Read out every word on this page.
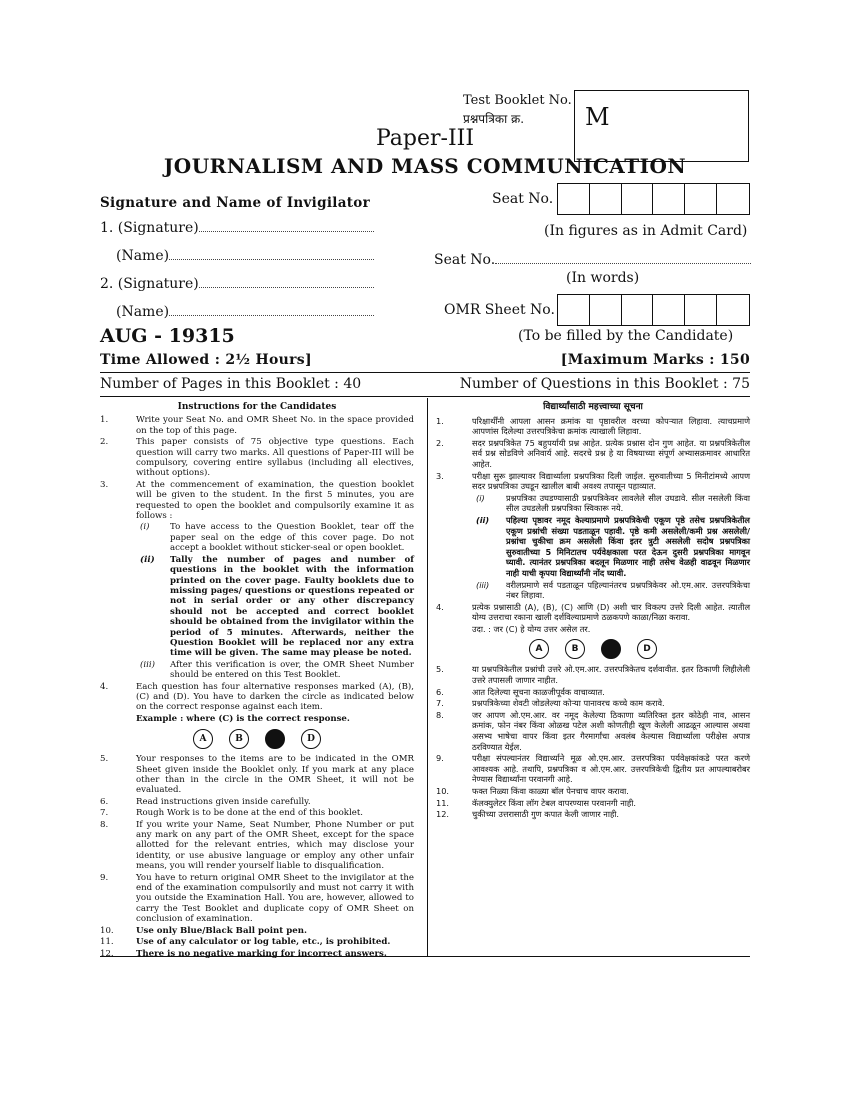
Test Booklet No.
प्रश्नपत्रिका क्र.	M
Paper-III
JOURNALISM AND MASS COMMUNICATION
Signature and Name of Invigilator
1. (Signature)
(Name)
2. (Signature)
(Name)
Seat No.
(In figures as in Admit Card)
Seat No.
(In words)
OMR Sheet No.
(To be filled by the Candidate)
AUG - 19315
Time Allowed : 2½ Hours]	[Maximum Marks : 150
Number of Pages in this Booklet : 40	Number of Questions in this Booklet : 75
Instructions for the Candidates
1.	Write your Seat No. and OMR Sheet No. in the space provided on the top of this page.
2.	This paper consists of 75 objective type questions. Each question will carry two marks. All questions of Paper-III will be compulsory, covering entire syllabus (including all electives, without options).
3.	At the commencement of examination, the question booklet will be given to the student. In the first 5 minutes, you are requested to open the booklet and compulsorily examine it as follows :
(i)	To have access to the Question Booklet, tear off the paper seal on the edge of this cover page. Do not accept a booklet without sticker-seal or open booklet.
(ii)	Tally the number of pages and number of questions in the booklet with the information printed on the cover page. Faulty booklets due to missing pages/ questions or questions repeated or not in serial order or any other discrepancy should not be accepted and correct booklet should be obtained from the invigilator within the period of 5 minutes. Afterwards, neither the Question Booklet will be replaced nor any extra time will be given. The same may please be noted.
(iii)	After this verification is over, the OMR Sheet Number should be entered on this Test Booklet.
4.	Each question has four alternative responses marked (A), (B), (C) and (D). You have to darken the circle as indicated below on the correct response against each item.
Example : where (C) is the correct response.
A	B	D
5.	Your responses to the items are to be indicated in the OMR Sheet given inside the Booklet only. If you mark at any place other than in the circle in the OMR Sheet, it will not be evaluated.
6.	Read instructions given inside carefully.
7.	Rough Work is to be done at the end of this booklet.
8.	If you write your Name, Seat Number, Phone Number or put any mark on any part of the OMR Sheet, except for the space allotted for the relevant entries, which may disclose your identity, or use abusive language or employ any other unfair means, you will render yourself liable to disqualification.
9.	You have to return original OMR Sheet to the invigilator at the end of the examination compulsorily and must not carry it with you outside the Examination Hall. You are, however, allowed to carry the Test Booklet and duplicate copy of OMR Sheet on conclusion of examination.
10.	Use only Blue/Black Ball point pen.
11.	Use of any calculator or log table, etc., is prohibited.
12.	There is no negative marking for incorrect answers.
विद्यार्थ्यांसाठी महत्त्वाच्या सूचना
1.	परिक्षार्थींनी आपला आसन क्रमांक या पृष्ठावरील वरच्या कोपऱ्यात लिहावा. त्याचप्रमाणे आपणांस दिलेल्या उत्तरपत्रिकेचा क्रमांक त्याखाली लिहावा.
2.	सदर प्रश्नपत्रिकेत 75 बहुपर्यायी प्रश्न आहेत. प्रत्येक प्रश्नास दोन गुण आहेत. या प्रश्नपत्रिकेतील सर्व प्रश्न सोडविणे अनिवार्य आहे. सदरचे प्रश्न हे या विषयाच्या संपूर्ण अभ्यासक्रमावर आधारित आहेत.
3.	परीक्षा सुरू झाल्यावर विद्यार्थ्याला प्रश्नपत्रिका दिली जाईल. सुरुवातीच्या 5 मिनीटांमध्ये आपण सदर प्रश्नपत्रिका उघडून खालील बाबी अवश्य तपासून पहाव्यात.
(i)	प्रश्नपत्रिका उघडण्यासाठी प्रश्नपत्रिकेवर लावलेले सील उघडावे. सील नसलेली किंवा सील उघडलेली प्रश्नपत्रिका स्विकारू नये.
(ii)	पहिल्या पृष्ठावर नमूद केल्याप्रमाणे प्रश्नपत्रिकेची एकूण पृष्ठे तसेच प्रश्नपत्रिकेतील एकूण प्रश्नांची संख्या पडताळून पहावी. पृष्ठे कमी असलेली/कमी प्रश्न असलेली/प्रश्नांचा चुकीचा क्रम असलेली किंवा इतर त्रुटी असलेली सदोष प्रश्नपत्रिका सुरुवातीच्या 5 मिनिटातच पर्यवेक्षकाला परत देऊन दुसरी प्रश्नपत्रिका मागवून घ्यावी. त्यानंतर प्रश्नपत्रिका बदलून मिळणार नाही तसेच वेळही वाढवून मिळणार नाही याची कृपया विद्यार्थ्यांनी नोंद घ्यावी.
(iii)	वरीलप्रमाणे सर्व पडताळून पहिल्यानंतरच प्रश्नपत्रिकेवर ओ.एम.आर. उत्तरपत्रिकेचा नंबर लिहावा.
4.	प्रत्येक प्रश्नासाठी (A), (B), (C) आणि (D) अशी चार विकल्प उत्तरे दिली आहेत. त्यातील योग्य उत्तराचा रकाना खाली दर्शविल्याप्रमाणे ठळकपणे काळा/निळा करावा.
उदा. : जर (C) हे योग्य उत्तर असेल तर.
A	B	D
5.	या प्रश्नपत्रिकेतील प्रश्नांची उत्तरे ओ.एम.आर. उत्तरपत्रिकेतच दर्शवावीत. इतर ठिकाणी लिहीलेली उत्तरे तपासली जाणार नाहीत.
6.	आत दिलेल्या सूचना काळजीपूर्वक वाचाव्यात.
7.	प्रश्नपत्रिकेच्या शेवटी जोडलेल्या कोऱ्या पानावरच कच्चे काम करावे.
8.	जर आपण ओ.एम.आर. वर नमूद केलेल्या ठिकाणा व्यतिरिक्त इतर कोठेही नाव, आसन क्रमांक, फोन नंबर किंवा ओळख पटेल अशी कोणतीही खूण केलेली आढळून आल्यास अथवा असभ्य भाषेचा वापर किंवा इतर गैरमार्गांचा अवलंब केल्यास विद्यार्थ्याला परीक्षेस अपात्र ठरविण्यात येईल.
9.	परीक्षा संपल्यानंतर विद्यार्थ्याने मूळ ओ.एम.आर. उत्तरपत्रिका पर्यवेक्षकांकडे परत करणे आवश्यक आहे. तथापि, प्रश्नपत्रिका व ओ.एम.आर. उत्तरपत्रिकेची द्वितीय प्रत आपल्याबरोबर नेण्यास विद्यार्थ्यांना परवानगी आहे.
10.	फक्त निळ्या किंवा काळ्या बॉल पेनचाच वापर करावा.
11.	कॅलक्युलेटर किंवा लॉग टेबल वापरण्यास परवानगी नाही.
12.	चुकीच्या उत्तरासाठी गुण कपात केली जाणार नाही.
